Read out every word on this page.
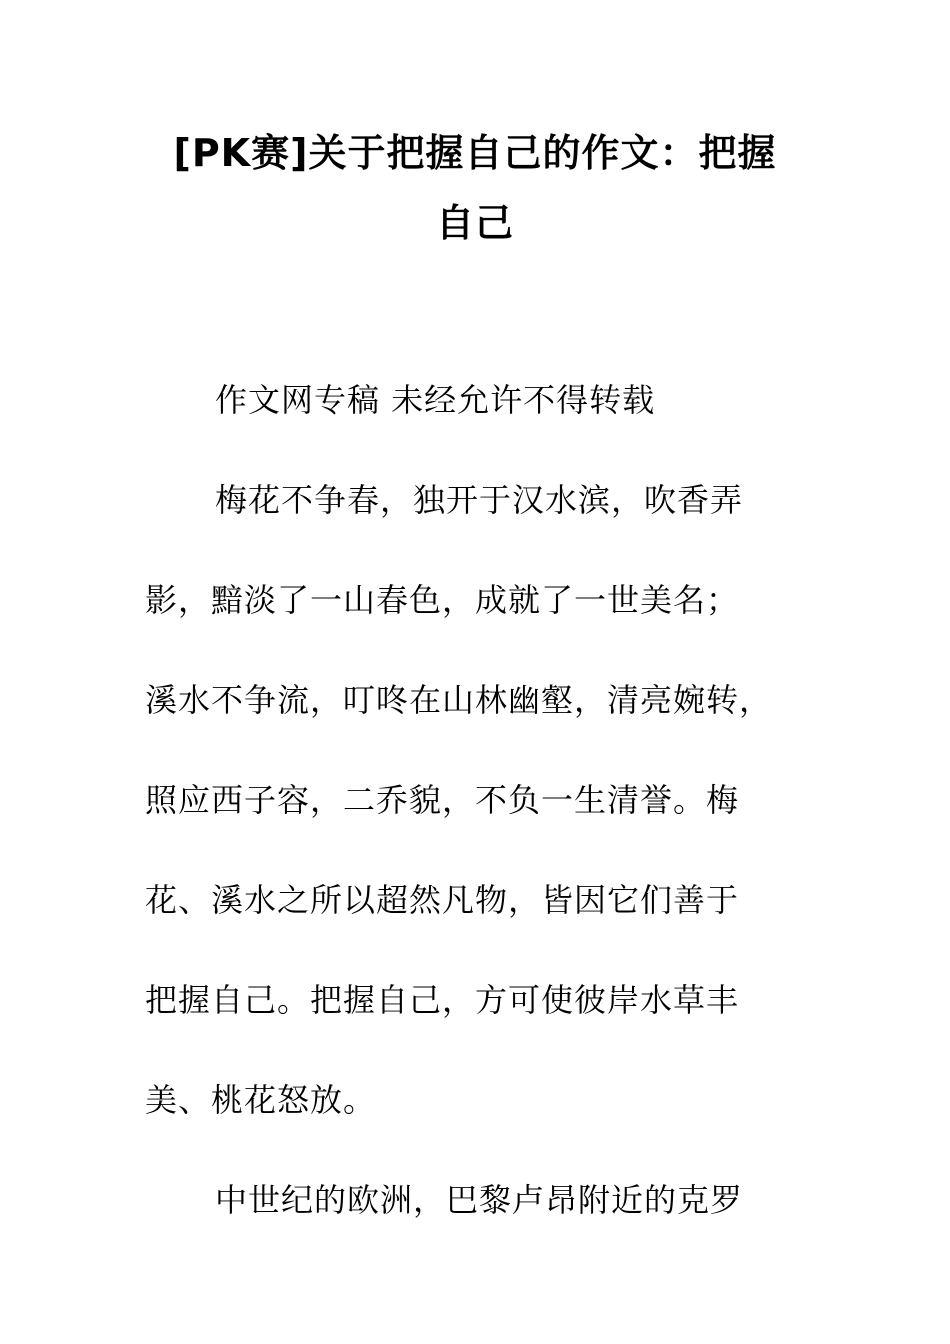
[PK赛]关于把握自己的作文：把握
自己
作文网专稿 未经允许不得转载
梅花不争春，独开于汉水滨，吹香弄
影，黯淡了一山春色，成就了一世美名；
溪水不争流，叮咚在山林幽壑，清亮婉转，
照应西子容，二乔貌，不负一生清誉。梅
花、溪水之所以超然凡物，皆因它们善于
把握自己。把握自己，方可使彼岸水草丰
美、桃花怒放。
中世纪的欧洲，巴黎卢昂附近的克罗
